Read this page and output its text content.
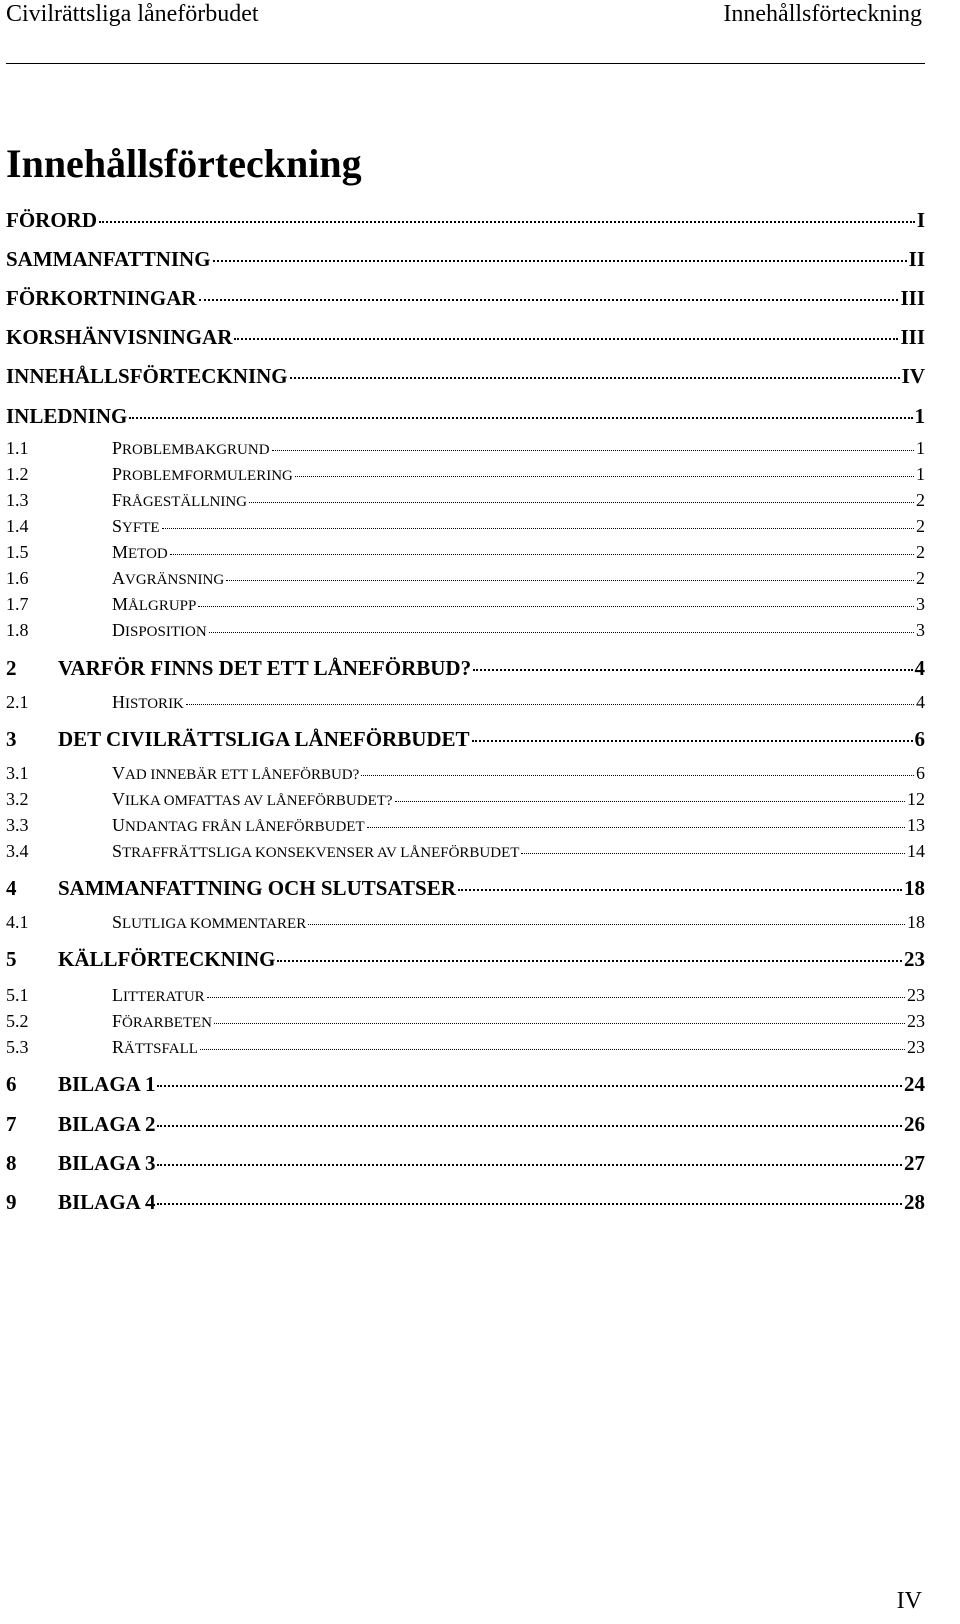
Civilrättsliga låneförbudet	Innehållsförteckning
Innehållsförteckning
FÖRORD	I
SAMMANFATTNING	II
FÖRKORTNINGAR	III
KORSHÄNVISNINGAR	III
INNEHÅLLSFÖRTECKNING	IV
INLEDNING	1
1.1	PROBLEMBAKGRUND	1
1.2	PROBLEMFORMULERING	1
1.3	FRÅGESTÄLLNING	2
1.4	SYFTE	2
1.5	METOD	2
1.6	AVGRÄNSNING	2
1.7	MÅLGRUPP	3
1.8	DISPOSITION	3
2	VARFÖR FINNS DET ETT LÅNEFÖRBUD?	4
2.1	HISTORIK	4
3	DET CIVILRÄTTSLIGA LÅNEFÖRBUDET	6
3.1	VAD INNEBÄR ETT LÅNEFÖRBUD?	6
3.2	VILKA OMFATTAS AV LÅNEFÖRBUDET?	12
3.3	UNDANTAG FRÅN LÅNEFÖRBUDET	13
3.4	STRAFFRÄTTSLIGA KONSEKVENSER AV LÅNEFÖRBUDET	14
4	SAMMANFATTNING OCH SLUTSATSER	18
4.1	SLUTLIGA KOMMENTARER	18
5	KÄLLFÖRTECKNING	23
5.1	LITTERATUR	23
5.2	FÖRARBETEN	23
5.3	RÄTTSFALL	23
6	BILAGA 1	24
7	BILAGA 2	26
8	BILAGA 3	27
9	BILAGA 4	28
IV
